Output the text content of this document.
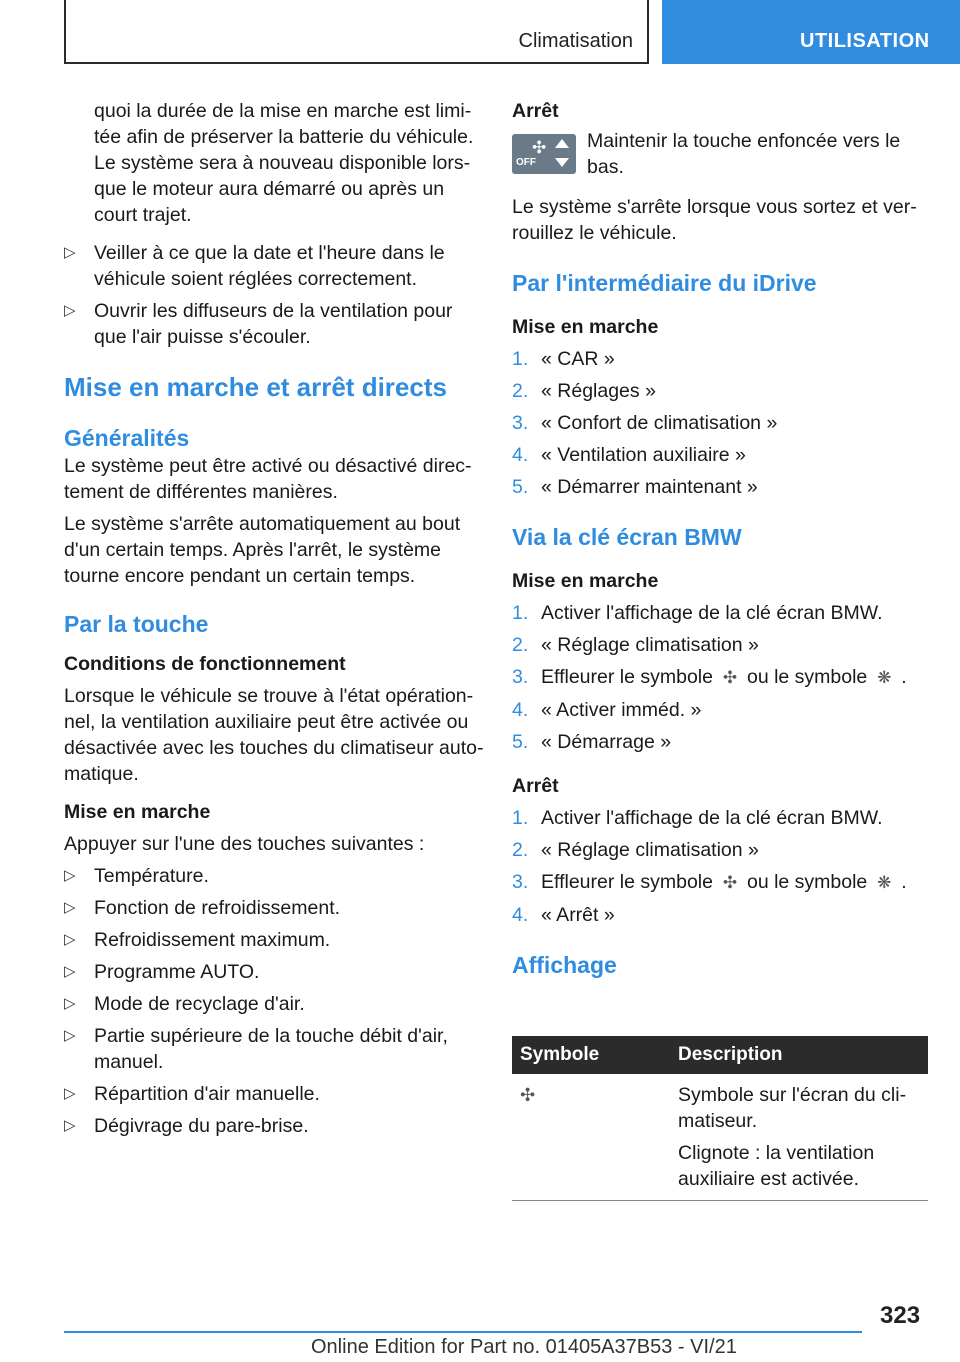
Climatisation	UTILISATION

quoi la durée de la mise en marche est limitée afin de préserver la batterie du véhicule. Le système sera à nouveau disponible lorsque le moteur aura démarré ou après un court trajet.

▷ Veiller à ce que la date et l'heure dans le véhicule soient réglées correctement.
▷ Ouvrir les diffuseurs de la ventilation pour que l'air puisse s'écouler.
Mise en marche et arrêt directs
Généralités

Le système peut être activé ou désactivé directement de différentes manières.

Le système s'arrête automatiquement au bout d'un certain temps. Après l'arrêt, le système tourne encore pendant un certain temps.

Par la touche
Conditions de fonctionnement

Lorsque le véhicule se trouve à l'état opérationnel, la ventilation auxiliaire peut être activée ou désactivée avec les touches du climatiseur automatique.

Mise en marche

Appuyer sur l'une des touches suivantes :

▷ Température.
▷ Fonction de refroidissement.
▷ Refroidissement maximum.
▷ Programme AUTO.
▷ Mode de recyclage d'air.
▷ Partie supérieure de la touche débit d'air, manuel.
▷ Répartition d'air manuelle.
▷ Dégivrage du pare-brise.
Arrêt
✣
OFF

Maintenir la touche enfoncée vers le bas.

Le système s'arrête lorsque vous sortez et verrouillez le véhicule.

Par l'intermédiaire du iDrive
Mise en marche
1. « CAR »
2. « Réglages »
3. « Confort de climatisation »
4. « Ventilation auxiliaire »
5. « Démarrer maintenant »
Via la clé écran BMW
Mise en marche
1. Activer l'affichage de la clé écran BMW.
2. « Réglage climatisation »
3. Effleurer le symbole ✣ ou le symbole ❋ .
4. « Activer imméd. »
5. « Démarrage »
Arrêt
1. Activer l'affichage de la clé écran BMW.
2. « Réglage climatisation »
3. Effleurer le symbole ✣ ou le symbole ❋ .
4. « Arrêt »
Affichage
Symbole	Description
✣	Symbole sur l'écran du climatiseur.
Clignote : la ventilation auxiliaire est activée.
323
Online Edition for Part no. 01405A37B53 - VI/21
